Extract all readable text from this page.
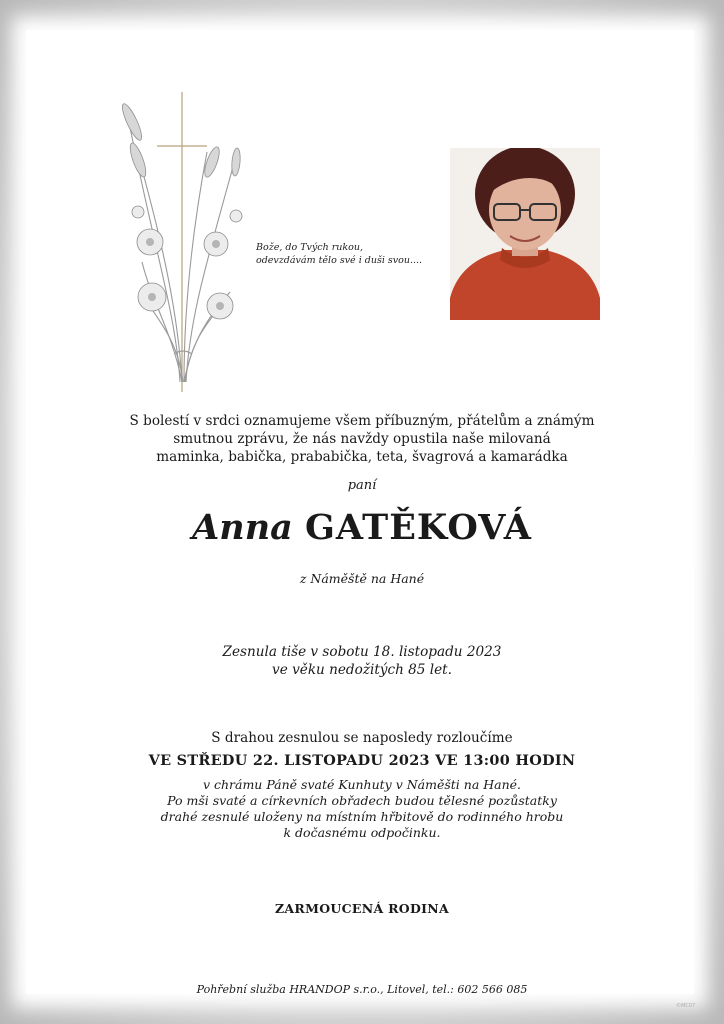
Bože, do Tvých rukou,
odevzdávám tělo své i duši svou....
S bolestí v srdci oznamujeme všem příbuzným, přátelům a známým
smutnou zprávu, že nás navždy opustila naše milovaná
maminka, babička, prababička, teta, švagrová a kamarádka
paní
Anna GATĚKOVÁ
z Náměště na Hané
Zesnula tiše v sobotu 18. listopadu 2023
ve věku nedožitých 85 let.
S drahou zesnulou se naposledy rozloučíme
VE STŘEDU 22. LISTOPADU 2023 VE 13:00 HODIN
v chrámu Páně svaté Kunhuty v Náměšti na Hané.
Po mši svaté a církevních obřadech budou tělesné pozůstatky
drahé zesnulé uloženy na místním hřbitově do rodinného hrobu
k dočasnému odpočinku.
ZARMOUCENÁ RODINA
Pohřební služba HRANDOP s.r.o., Litovel, tel.: 602 566 085
©MC07
